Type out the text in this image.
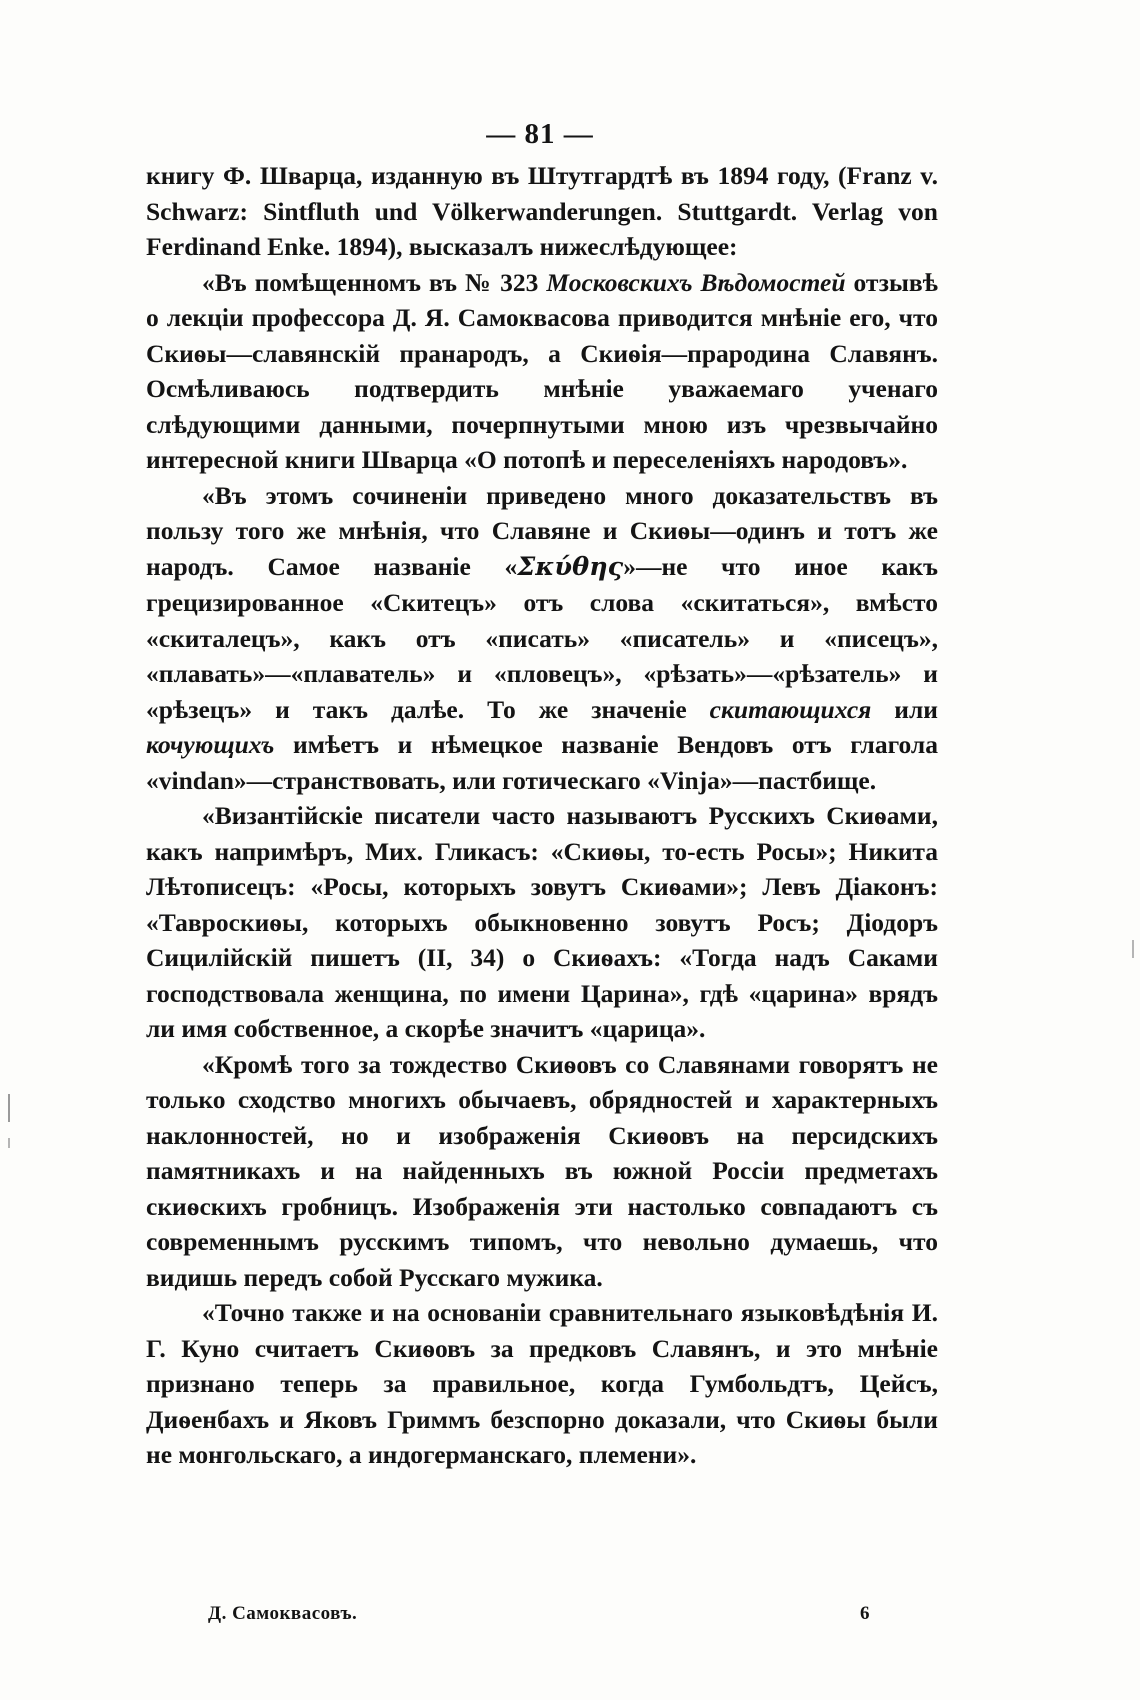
— 81 —

книгу Ф. Шварца, изданную въ Штутгардтѣ въ 1894 году, (Franz v. Schwarz: Sintfluth und Völkerwanderungen. Stuttgardt. Verlag von Ferdinand Enke. 1894), высказалъ нижеслѣдующее:

«Въ помѣщенномъ въ № 323 Московскихъ Вѣдомостей отзывѣ о лекціи профессора Д. Я. Самоквасова приводится мнѣніе его, что Скиѳы—славянскій пранародъ, а Скиѳія—прародина Славянъ. Осмѣливаюсь подтвердить мнѣніе уважаемаго ученаго слѣдующими данными, почерпнутыми мною изъ чрезвычайно интересной книги Шварца «О потопѣ и переселеніяхъ народовъ».

«Въ этомъ сочиненіи приведено много доказательствъ въ пользу того же мнѣнія, что Славяне и Скиѳы—одинъ и тотъ же народъ. Самое названіе «Σκύθης»—не что иное какъ грецизированное «Скитецъ» отъ слова «скитаться», вмѣсто «скиталецъ», какъ отъ «писать» «писатель» и «писецъ», «плавать»—«плаватель» и «пловецъ», «рѣзать»—«рѣзатель» и «рѣзецъ» и такъ далѣе. То же значеніе скитающихся или кочующихъ имѣетъ и нѣмецкое названіе Вендовъ отъ глагола «vindan»—странствовать, или готическаго «Vinja»—пастбище.

«Византійскіе писатели часто называютъ Русскихъ Скиѳами, какъ напримѣръ, Мих. Гликасъ: «Скиѳы, то-есть Росы»; Никита Лѣтописецъ: «Росы, которыхъ зовутъ Скиѳами»; Левъ Діаконъ: «Тавроскиѳы, которыхъ обыкновенно зовутъ Росъ; Діодоръ Сицилійскій пишетъ (II, 34) о Скиѳахъ: «Тогда надъ Саками господствовала женщина, по имени Царина», гдѣ «царина» врядъ ли имя собственное, а скорѣе значитъ «царица».

«Кромѣ того за тождество Скиѳовъ со Славянами говорятъ не только сходство многихъ обычаевъ, обрядностей и характерныхъ наклонностей, но и изображенія Скиѳовъ на персидскихъ памятникахъ и на найденныхъ въ южной Россіи предметахъ скиѳскихъ гробницъ. Изображенія эти настолько совпадаютъ съ современнымъ русскимъ типомъ, что невольно думаешь, что видишь передъ собой Русскаго мужика.

«Точно также и на основаніи сравнительнаго языковѣдѣнія И. Г. Куно считаетъ Скиѳовъ за предковъ Славянъ, и это мнѣніе признано теперь за правильное, когда Гумбольдтъ, Цейсъ, Диѳенбахъ и Яковъ Гриммъ безспорно доказали, что Скиѳы были не монгольскаго, а индогерманскаго, племени».

Д. Самоквасовъ.	6
